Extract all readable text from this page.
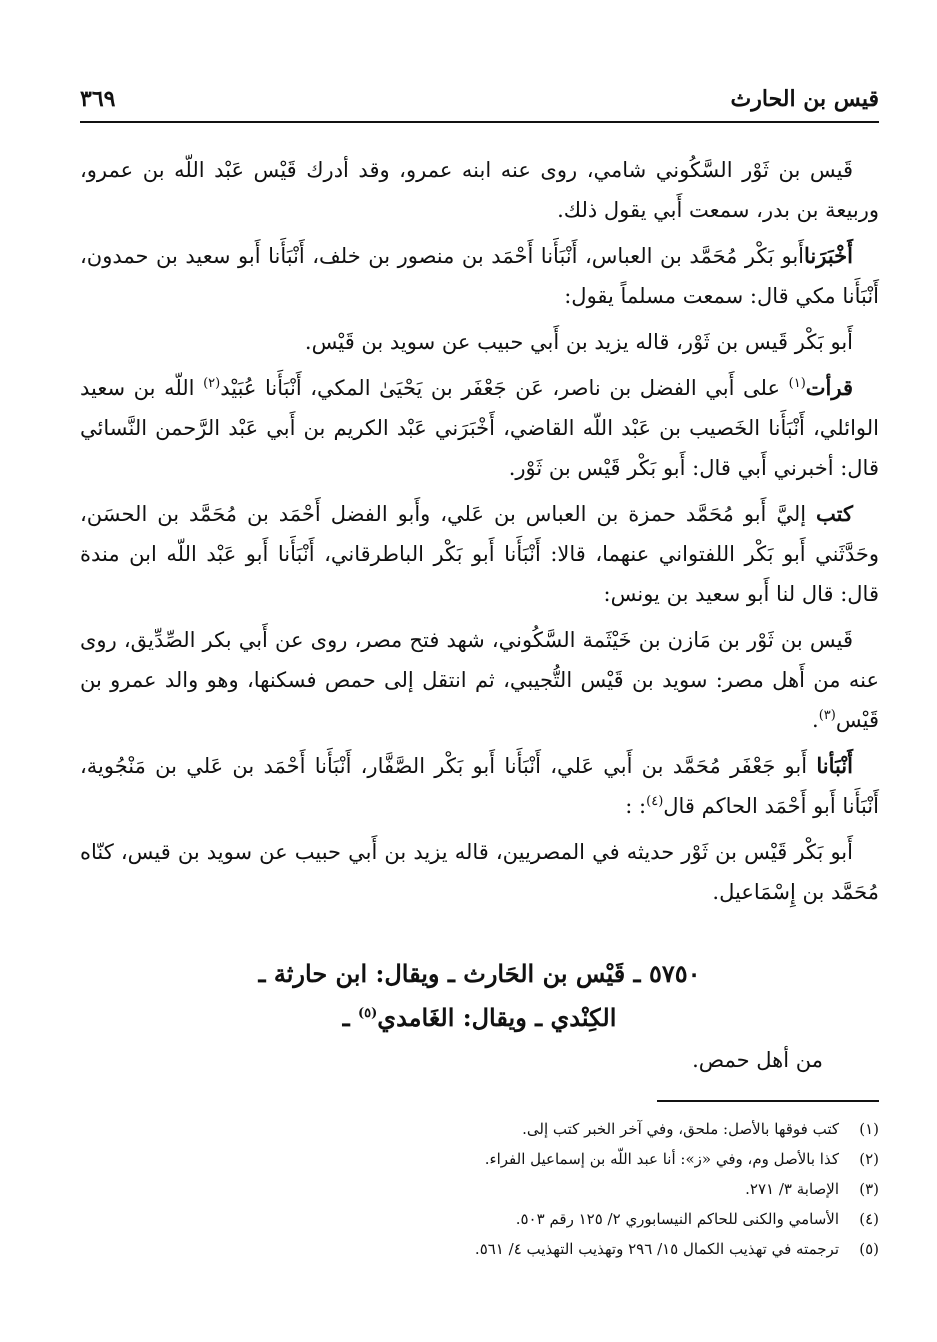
قيس بن الحارث
٣٦٩

قَيس بن ثَوْر السَّكُوني شامي، روى عنه ابنه عمرو، وقد أدرك قَيْس عَبْد اللّه بن عمرو، وربيعة بن بدر، سمعت أَبي يقول ذلك.

أَخْبَرَناأَبو بَكْر مُحَمَّد بن العباس، أَنْبَأَنا أَحْمَد بن منصور بن خلف، أَنْبَأَنا أَبو سعيد بن حمدون، أَنْبَأَنا مكي قال: سمعت مسلماً يقول:

أَبو بَكْر قَيس بن ثَوْر، قاله يزيد بن أَبي حبيب عن سويد بن قَيْس.

قرأت$^{(١)}$ على أَبي الفضل بن ناصر، عَن جَعْفَر بن يَحْيَىٰ المكي، أَنْبَأَنا عُبَيْد$^{(٢)}$ اللّه بن سعيد الوائلي، أَنْبَأَنا الخَصيب بن عَبْد اللّه القاضي، أَخْبَرَني عَبْد الكريم بن أَبي عَبْد الرَّحمن النَّسائي قال: أخبرني أَبي قال: أَبو بَكْر قَيْس بن ثَوْر.

كتب إليَّ أَبو مُحَمَّد حمزة بن العباس بن عَلي، وأَبو الفضل أَحْمَد بن مُحَمَّد بن الحسَن، وحَدَّثَني أَبو بَكْر اللفتواني عنهما، قالا: أَنْبَأَنا أَبو بَكْر الباطرقاني، أَنْبَأَنا أَبو عَبْد اللّه ابن مندة قال: قال لنا أَبو سعيد بن يونس:

قَيس بن ثَوْر بن مَازن بن خَيْثَمة السَّكُوني، شهد فتح مصر، روى عن أَبي بكر الصِّدِّيق، روى عنه من أَهل مصر: سويد بن قَيْس التُّجيبي، ثم انتقل إلى حمص فسكنها، وهو والد عمرو بن قَيْس$^{(٣)}$.

أَنْبَأنا أَبو جَعْفَر مُحَمَّد بن أَبي عَلي، أَنْبَأَنا أَبو بَكْر الصَّفَّار، أَنْبَأَنا أَحْمَد بن عَلي بن مَنْجُوية، أَنْبَأَنا أَبو أَحْمَد الحاكم قال$^{(٤)}$: :

أَبو بَكْر قَيْس بن ثَوْر حديثه في المصريين، قاله يزيد بن أَبي حبيب عن سويد بن قيس، كنّاه مُحَمَّد بن إِسْمَاعيل.

٥٧٥٠ ـ قَيْس بن الحَارث ـ ويقال: ابن حارثة ـ
الكِنْدي ـ ويقال: الغَامدي$^{(٥)}$ ـ

من أهل حمص.

(١)
كتب فوقها بالأصل: ملحق، وفي آخر الخبر كتب إلى.
(٢)
كذا بالأصل وم، وفي «ز»: أنا عبد اللّه بن إسماعيل الفراء.
(٣)
الإصابة ٣/ ٢٧١.
(٤)
الأسامي والكنى للحاكم النيسابوري ٢/ ١٢٥ رقم ٥٠٣.
(٥)
ترجمته في تهذيب الكمال ١٥/ ٢٩٦ وتهذيب التهذيب ٤/ ٥٦١.
